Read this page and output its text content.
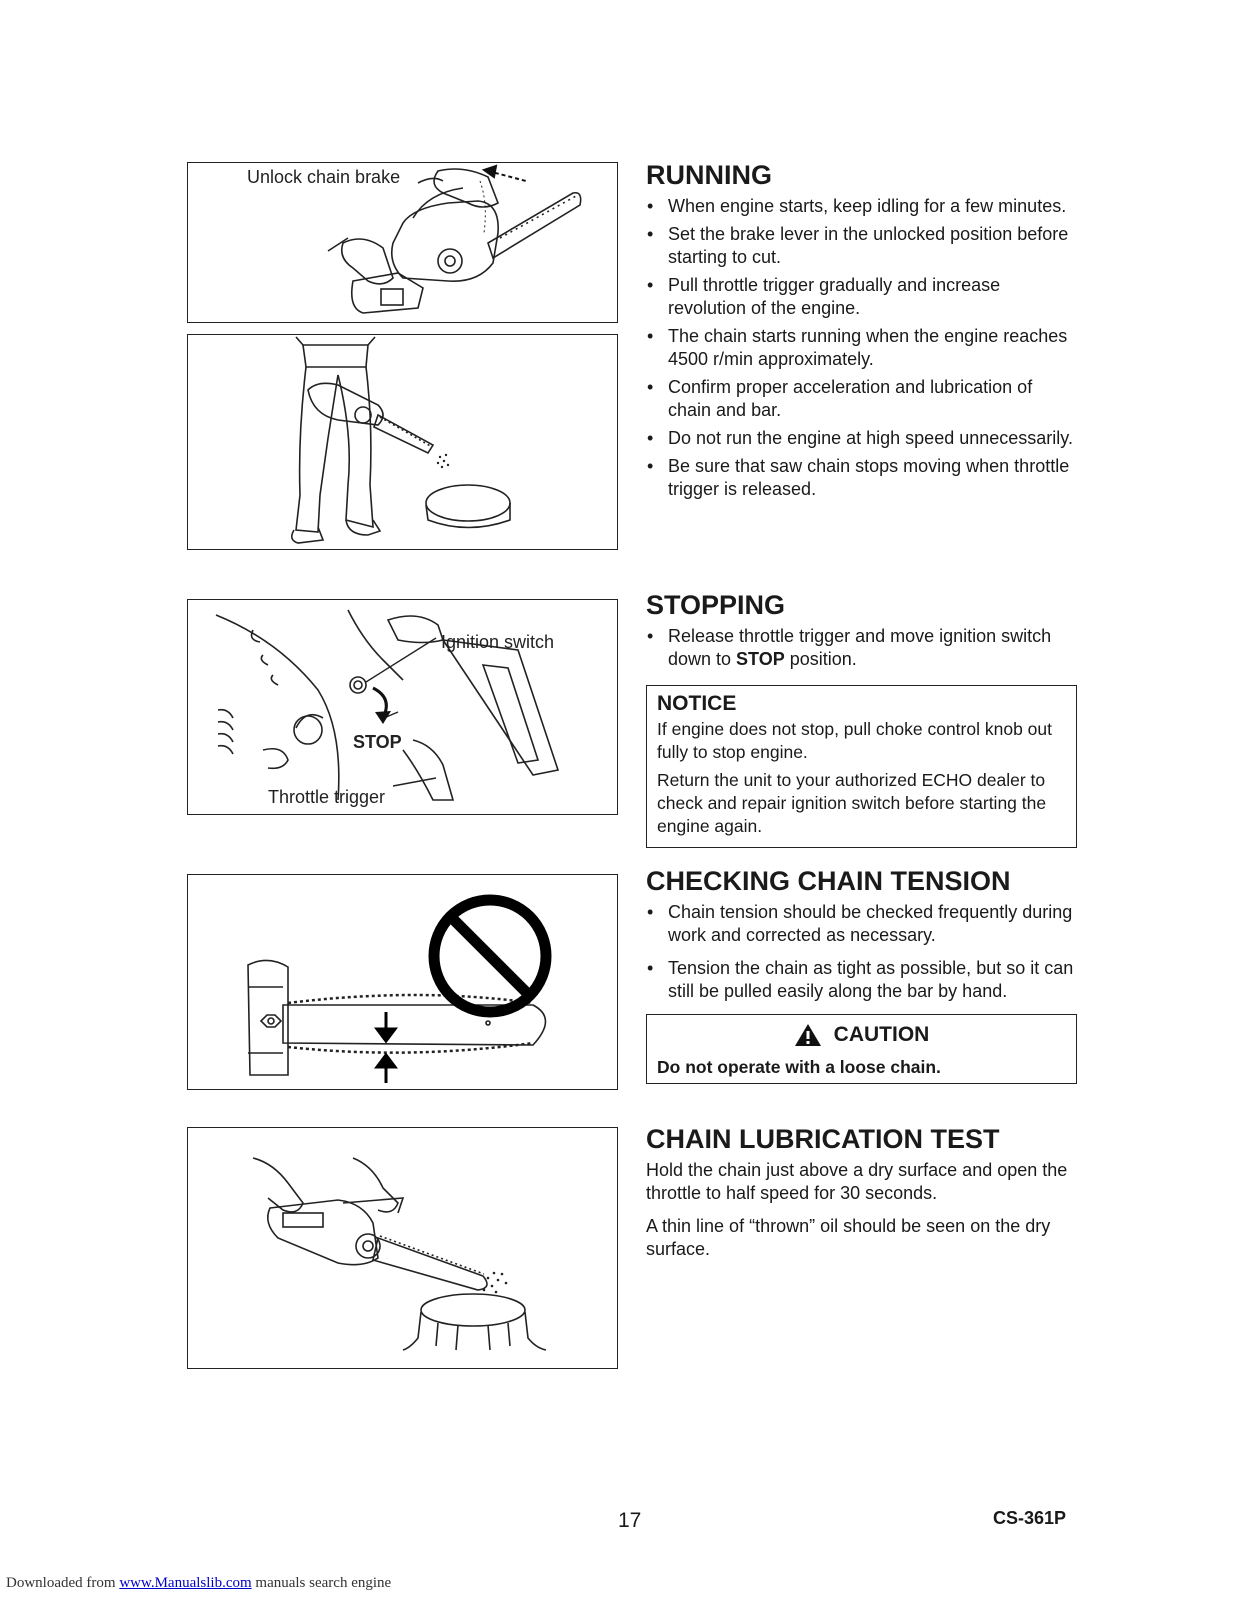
Unlock chain brake
Ignition switch
STOP
Throttle trigger
RUNNING
• When engine starts, keep idling for a few minutes.
• Set the brake lever in the unlocked position before starting to cut.
• Pull throttle trigger gradually and increase revolution of the engine.
• The chain starts running when the engine reaches 4500 r/min approximately.
• Confirm proper acceleration and lubrication of chain and bar.
• Do not run the engine at high speed unnecessarily.
• Be sure that saw chain stops moving when throttle trigger is released.
STOPPING
• Release throttle trigger and move ignition switch down to STOP position.
NOTICE

If engine does not stop, pull choke control knob out fully to stop engine.

Return the unit to your authorized ECHO dealer to check and repair ignition switch before starting the engine again.

CHECKING CHAIN TENSION
• Chain tension should be checked frequently during work and corrected as necessary.
• Tension the chain as tight as possible, but so it can still be pulled easily along the bar by hand.
CAUTION
Do not operate with a loose chain.
CHAIN LUBRICATION TEST

Hold the chain just above a dry surface and open the throttle to half speed for 30 seconds.

A thin line of “thrown” oil should be seen on the dry surface.

17	CS-361P
Downloaded from www.Manualslib.com manuals search engine
